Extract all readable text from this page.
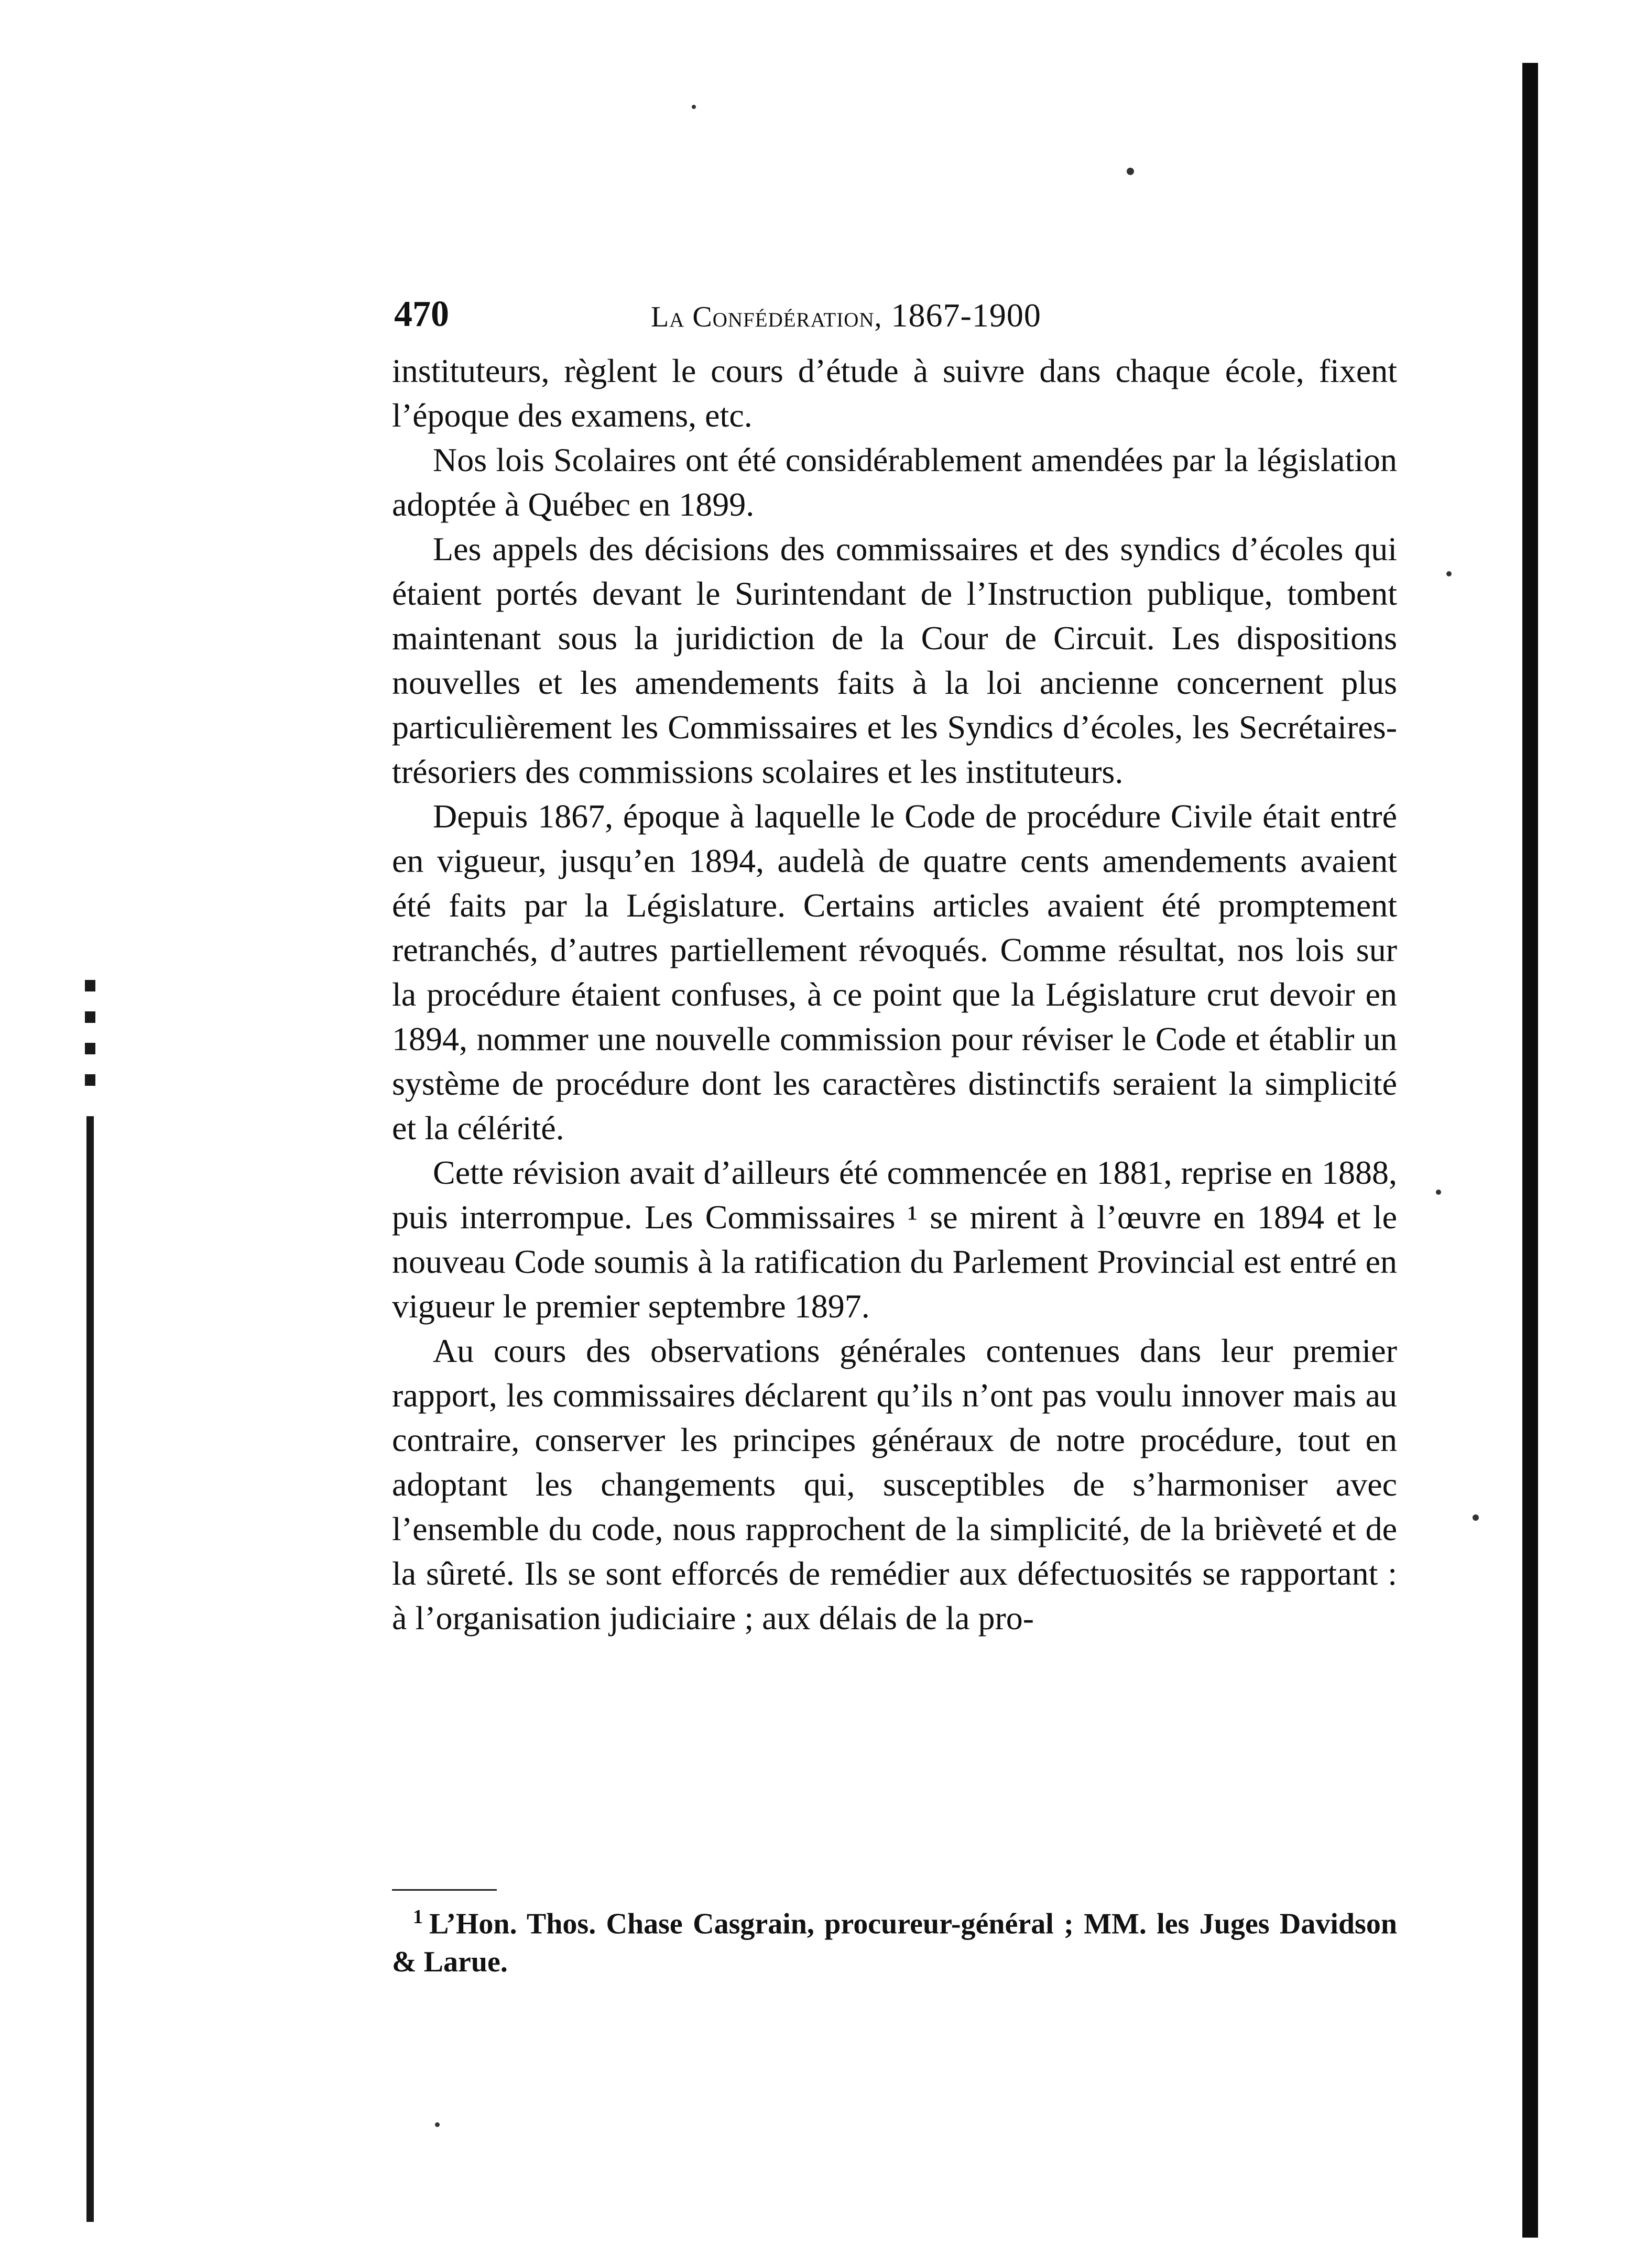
470	La Confédération, 1867-1900

instituteurs, règlent le cours d’étude à suivre dans chaque école, fixent l’époque des examens, etc.

Nos lois Scolaires ont été considérablement amendées par la législation adoptée à Québec en 1899.

Les appels des décisions des commissaires et des syndics d’écoles qui étaient portés devant le Surintendant de l’Instruction publique, tombent maintenant sous la juridiction de la Cour de Circuit. Les dispositions nouvelles et les amendements faits à la loi ancienne concernent plus particulièrement les Commissaires et les Syndics d’écoles, les Secrétaires-trésoriers des commissions scolaires et les instituteurs.

Depuis 1867, époque à laquelle le Code de procédure Civile était entré en vigueur, jusqu’en 1894, audelà de quatre cents amendements avaient été faits par la Législature. Certains articles avaient été promptement retranchés, d’autres partiellement révoqués. Comme résultat, nos lois sur la procédure étaient confuses, à ce point que la Législature crut devoir en 1894, nommer une nouvelle commission pour réviser le Code et établir un système de procédure dont les caractères distinctifs seraient la simplicité et la célérité.

Cette révision avait d’ailleurs été commencée en 1881, reprise en 1888, puis interrompue. Les Commissaires ¹ se mirent à l’œuvre en 1894 et le nouveau Code soumis à la ratification du Parlement Provincial est entré en vigueur le premier septembre 1897.

Au cours des observations générales contenues dans leur premier rapport, les commissaires déclarent qu’ils n’ont pas voulu innover mais au contraire, conserver les principes généraux de notre procédure, tout en adoptant les changements qui, susceptibles de s’harmoniser avec l’ensemble du code, nous rapprochent de la simplicité, de la brièveté et de la sûreté. Ils se sont efforcés de remédier aux défectuosités se rapportant : à l’organisation judiciaire ; aux délais de la pro-

$^1$ L’Hon. Thos. Chase Casgrain, procureur-général ; MM. les Juges Davidson & Larue.
